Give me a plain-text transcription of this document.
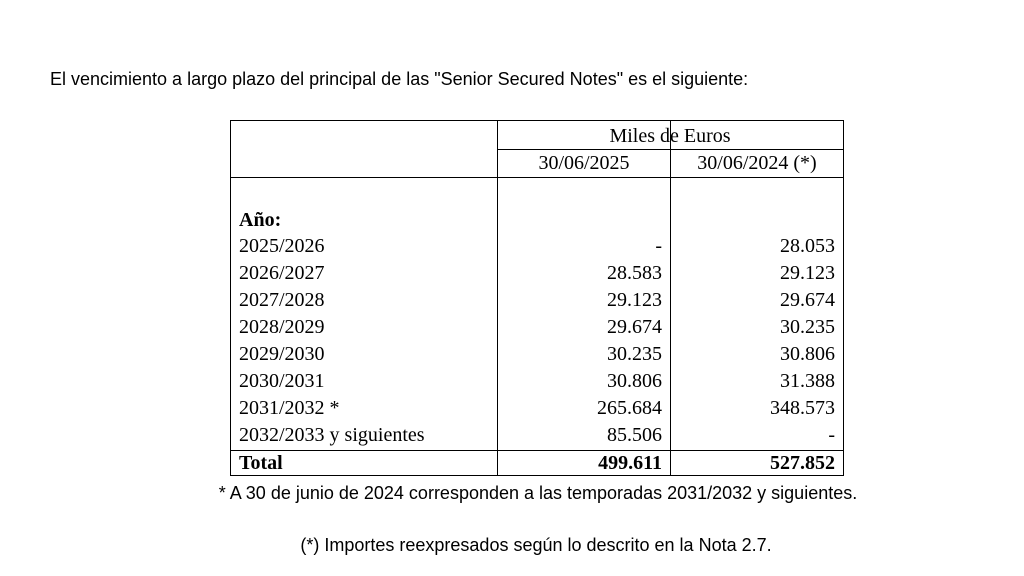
El vencimiento a largo plazo del principal de las "Senior Secured Notes" es el siguiente:
Miles de Euros
30/06/2025	30/06/2024 (*)
Año:
2025/2026	-	28.053
2026/2027	28.583	29.123
2027/2028	29.123	29.674
2028/2029	29.674	30.235
2029/2030	30.235	30.806
2030/2031	30.806	31.388
2031/2032 *	265.684	348.573
2032/2033 y siguientes	85.506	-
Total	499.611	527.852
* A 30 de junio de 2024 corresponden a las temporadas 2031/2032 y siguientes.
(*) Importes reexpresados según lo descrito en la Nota 2.7.
